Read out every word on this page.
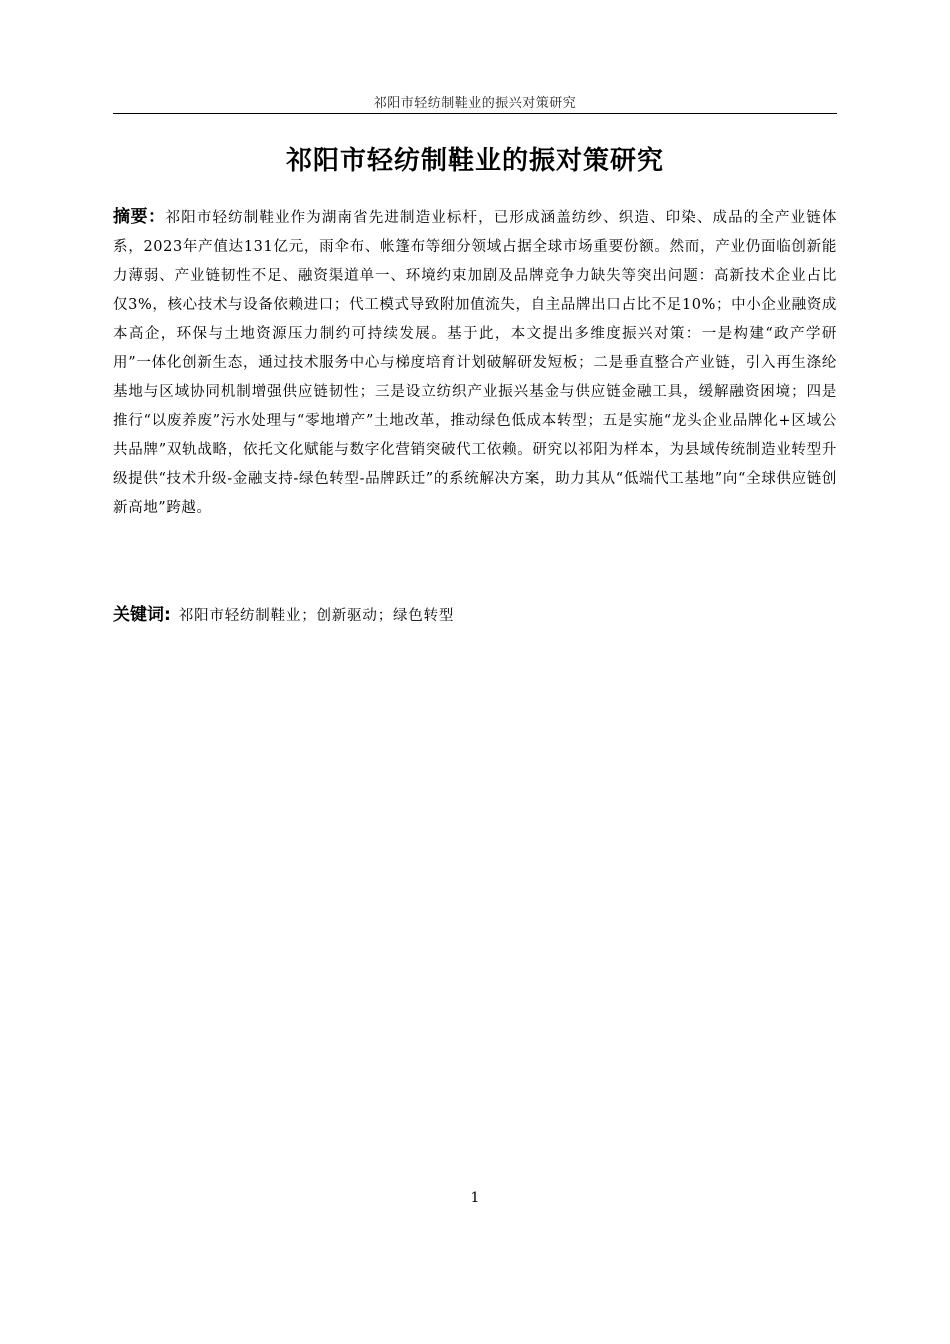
祁阳市轻纺制鞋业的振兴对策研究
祁阳市轻纺制鞋业的振对策研究

摘要：祁阳市轻纺制鞋业作为湖南省先进制造业标杆，已形成涵盖纺纱、织造、印染、成品的全产业链体系，2023年产值达131亿元，雨伞布、帐篷布等细分领域占据全球市场重要份额。然而，产业仍面临创新能力薄弱、产业链韧性不足、融资渠道单一、环境约束加剧及品牌竞争力缺失等突出问题：高新技术企业占比仅3%，核心技术与设备依赖进口；代工模式导致附加值流失，自主品牌出口占比不足10%；中小企业融资成本高企，环保与土地资源压力制约可持续发展。基于此，本文提出多维度振兴对策：一是构建“政产学研用”一体化创新生态，通过技术服务中心与梯度培育计划破解研发短板；二是垂直整合产业链，引入再生涤纶基地与区域协同机制增强供应链韧性；三是设立纺织产业振兴基金与供应链金融工具，缓解融资困境；四是推行“以废养废”污水处理与“零地增产”土地改革，推动绿色低成本转型；五是实施“龙头企业品牌化+区域公共品牌”双轨战略，依托文化赋能与数字化营销突破代工依赖。研究以祁阳为样本，为县域传统制造业转型升级提供“技术升级-金融支持-绿色转型-品牌跃迁”的系统解决方案，助力其从“低端代工基地”向“全球供应链创新高地”跨越。

关键词: 祁阳市轻纺制鞋业；创新驱动；绿色转型

1
